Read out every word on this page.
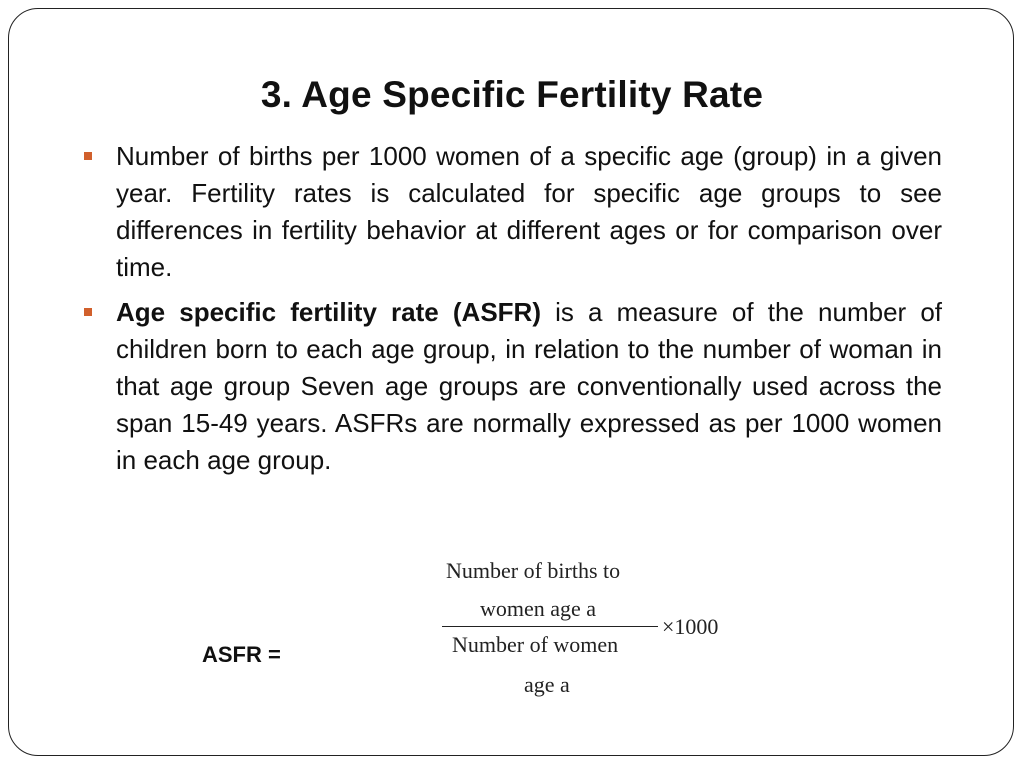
3. Age Specific Fertility Rate
Number of births per 1000 women of a specific age (group) in a given year. Fertility rates is calculated for specific age groups to see differences in fertility behavior at different ages or for comparison over time.
Age specific fertility rate (ASFR) is a measure of the number of children born to each age group, in relation to the number of woman in that age group Seven age groups are conventionally used across the span 15-49 years. ASFRs are normally expressed as per 1000 women in each age group.
ASFR =
Number of births to
women age a
×1000
Number of women
age a
